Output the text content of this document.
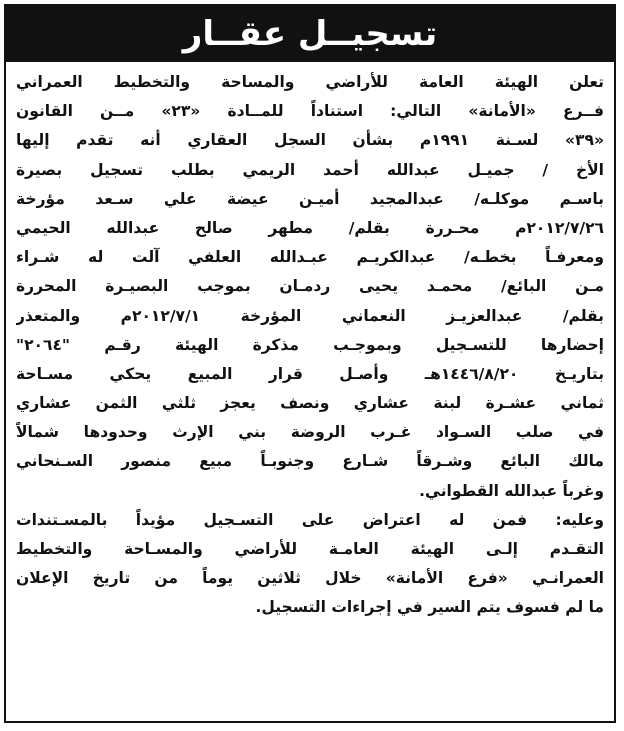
تسجيــل عقــار
تعلن الهيئة العامة للأراضي والمساحة والتخطيط العمراني
فــرع «الأمانة» التالي: استناداً للمــادة «٢٣» مــن القانون
«٣٩» لسـنة ١٩٩١م بشأن السجل العقاري أنه تقدم إليها
الأخ / جميـل عبدالله أحمد الريمي بطلب تسجيل بصيرة
باسـم موكلـه/ عبدالمجيد أميـن عيضة علي سـعد مؤرخة
٢٠١٢/٧/٢٦م محـررة بقلم/ مطهر صالح عبدالله الحيمي
ومعرفـاً بخطـه/ عبدالكريـم عبـدالله العلفي آلت له شـراء
مـن البائع/ محمـد يحيى ردمـان بموجب البصيـرة المحررة
بقلم/ عبدالعزيـز النعماني المؤرخة ٢٠١٢/٧/١م والمتعذر
إحضارها للتسـجيل وبموجـب مذكرة الهيئة رقـم "٢٠٦٤"
بتاريـخ ١٤٤٦/٨/٢٠هـ وأصـل قرار المبيع يحكي مسـاحة
ثماني عشـرة لبنة عشاري ونصف يعجز ثلثي الثمن عشاري
في صلب السـواد غـرب الروضة بني الإرث وحدودها شمالاً
مالك البائع وشـرقاً شـارع وجنوبـاً مبيع منصور السـنحاني
وغرباً عبدالله القطواني.
وعليه: فمن له اعتراض على التسـجيل مؤيداً بالمسـتندات
التقـدم إلـى الهيئة العامـة للأراضي والمسـاحة والتخطيط
العمرانـي «فرع الأمانة» خلال ثلاثين يوماً من تاريخ الإعلان
ما لم فسوف يتم السير في إجراءات التسجيل.
